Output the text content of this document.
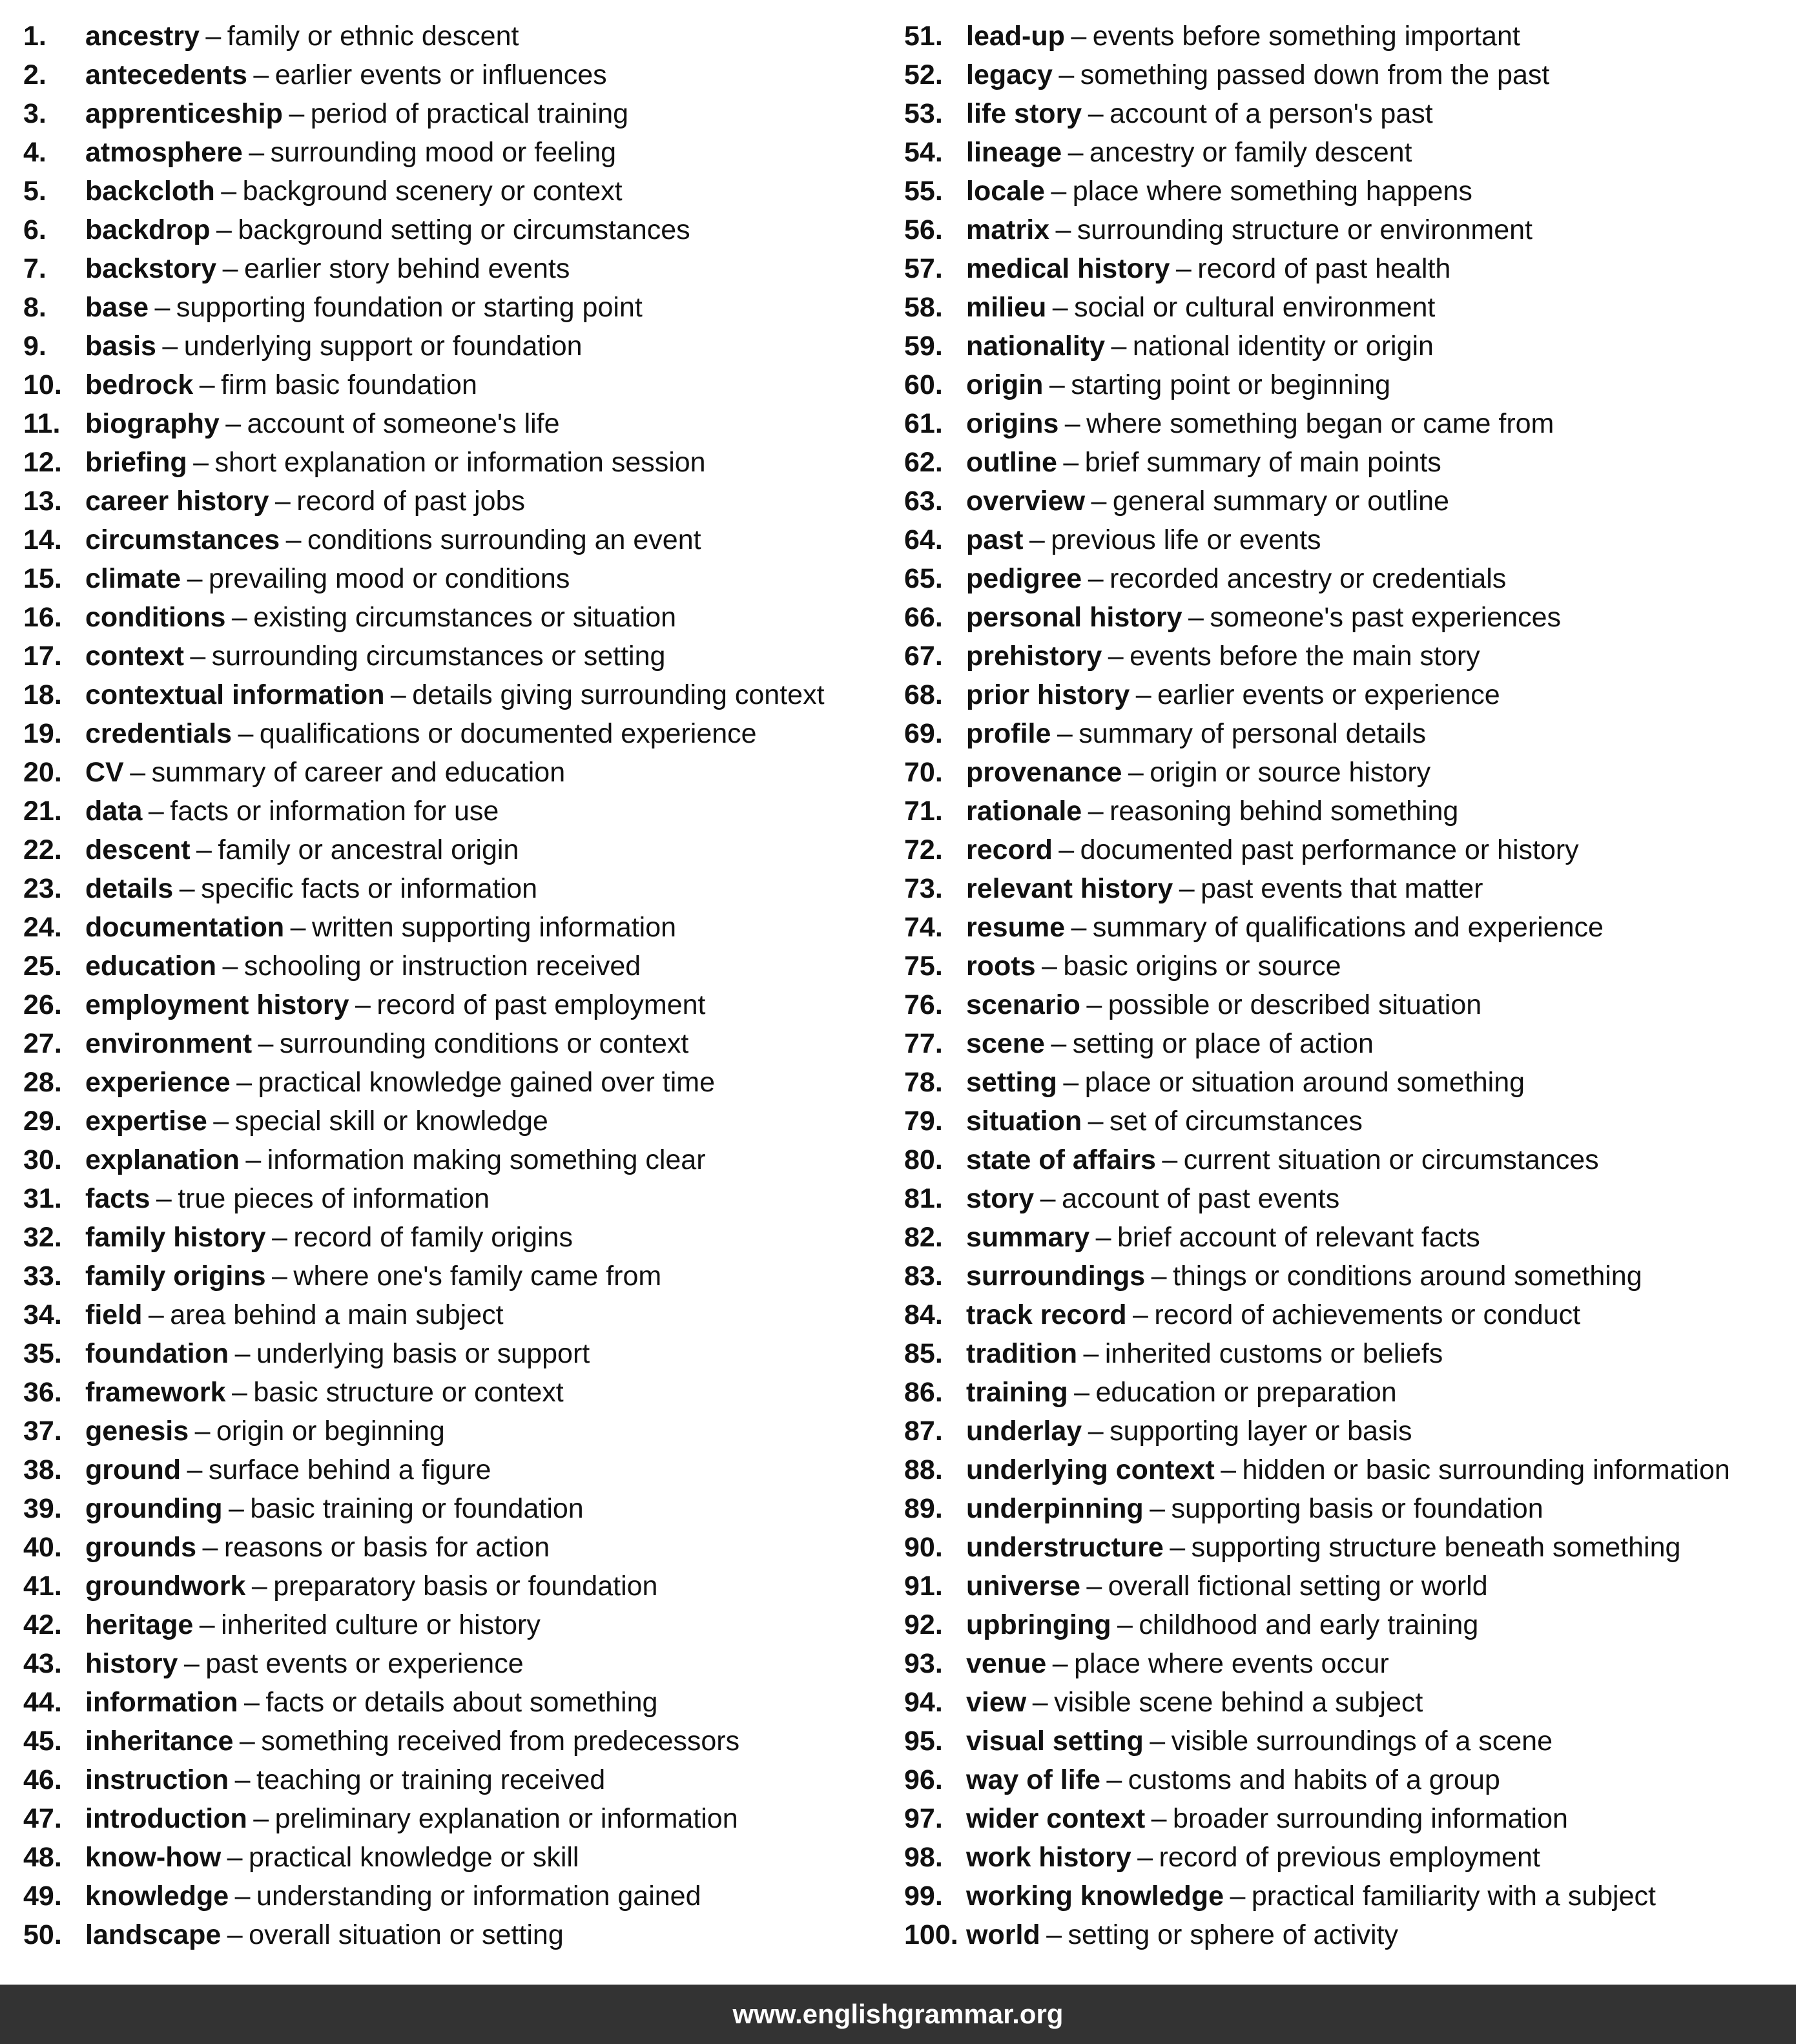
1.	ancestry – family or ethnic descent
2.	antecedents – earlier events or influences
3.	apprenticeship – period of practical training
4.	atmosphere – surrounding mood or feeling
5.	backcloth – background scenery or context
6.	backdrop – background setting or circumstances
7.	backstory – earlier story behind events
8.	base – supporting foundation or starting point
9.	basis – underlying support or foundation
10. bedrock – firm basic foundation
11. biography – account of someone's life
12. briefing – short explanation or information session
13. career history – record of past jobs
14. circumstances – conditions surrounding an event
15. climate – prevailing mood or conditions
16. conditions – existing circumstances or situation
17. context – surrounding circumstances or setting
18. contextual information – details giving surrounding context
19. credentials – qualifications or documented experience
20. CV – summary of career and education
21. data – facts or information for use
22. descent – family or ancestral origin
23. details – specific facts or information
24. documentation – written supporting information
25. education – schooling or instruction received
26. employment history – record of past employment
27. environment – surrounding conditions or context
28. experience – practical knowledge gained over time
29. expertise – special skill or knowledge
30. explanation – information making something clear
31. facts – true pieces of information
32. family history – record of family origins
33. family origins – where one's family came from
34. field – area behind a main subject
35. foundation – underlying basis or support
36. framework – basic structure or context
37. genesis – origin or beginning
38. ground – surface behind a figure
39. grounding – basic training or foundation
40. grounds – reasons or basis for action
41. groundwork – preparatory basis or foundation
42. heritage – inherited culture or history
43. history – past events or experience
44. information – facts or details about something
45. inheritance – something received from predecessors
46. instruction – teaching or training received
47. introduction – preliminary explanation or information
48. know-how – practical knowledge or skill
49. knowledge – understanding or information gained
50. landscape – overall situation or setting
51. lead-up – events before something important
52. legacy – something passed down from the past
53. life story – account of a person's past
54. lineage – ancestry or family descent
55. locale – place where something happens
56. matrix – surrounding structure or environment
57. medical history – record of past health
58. milieu – social or cultural environment
59. nationality – national identity or origin
60. origin – starting point or beginning
61. origins – where something began or came from
62. outline – brief summary of main points
63. overview – general summary or outline
64. past – previous life or events
65. pedigree – recorded ancestry or credentials
66. personal history – someone's past experiences
67. prehistory – events before the main story
68. prior history – earlier events or experience
69. profile – summary of personal details
70. provenance – origin or source history
71. rationale – reasoning behind something
72. record – documented past performance or history
73. relevant history – past events that matter
74. resume – summary of qualifications and experience
75. roots – basic origins or source
76. scenario – possible or described situation
77. scene – setting or place of action
78. setting – place or situation around something
79. situation – set of circumstances
80. state of affairs – current situation or circumstances
81. story – account of past events
82. summary – brief account of relevant facts
83. surroundings – things or conditions around something
84. track record – record of achievements or conduct
85. tradition – inherited customs or beliefs
86. training – education or preparation
87. underlay – supporting layer or basis
88. underlying context – hidden or basic surrounding information
89. underpinning – supporting basis or foundation
90. understructure – supporting structure beneath something
91. universe – overall fictional setting or world
92. upbringing – childhood and early training
93. venue – place where events occur
94. view – visible scene behind a subject
95. visual setting – visible surroundings of a scene
96. way of life – customs and habits of a group
97. wider context – broader surrounding information
98. work history – record of previous employment
99. working knowledge – practical familiarity with a subject
100. world – setting or sphere of activity
www.englishgrammar.org
